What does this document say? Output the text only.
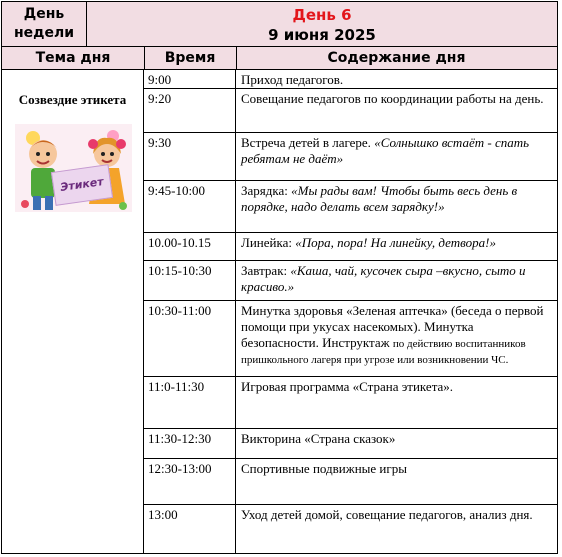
День
недели
День 6
9 июня 2025
Тема дня	Время	Содержание дня
Созвездие этикета
Этикет
9:00	Приход педагогов.
9:20	Совещание педагогов по координации работы на день.
9:30	Встреча детей в лагере. «Солнышко встаёт - спать ребятам не даёт»
9:45-10:00	Зарядка: «Мы рады вам! Чтобы быть весь день в порядке, надо делать всем зарядку!»
10.00-10.15	Линейка: «Пора, пора! На линейку, детвора!»
10:15-10:30	Завтрак: «Каша, чай, кусочек сыра –вкусно, сыто и красиво.»
10:30-11:00	Минутка здоровья «Зеленая аптечка» (беседа о первой помощи при укусах насекомых). Минутка безопасности. Инструктаж по действию воспитанников пришкольного лагеря при угрозе или возникновении ЧС.
11:0-11:30	Игровая программа «Страна этикета».
11:30-12:30	Викторина «Страна сказок»
12:30-13:00	Спортивные подвижные игры
13:00	Уход детей домой, совещание педагогов, анализ дня.
